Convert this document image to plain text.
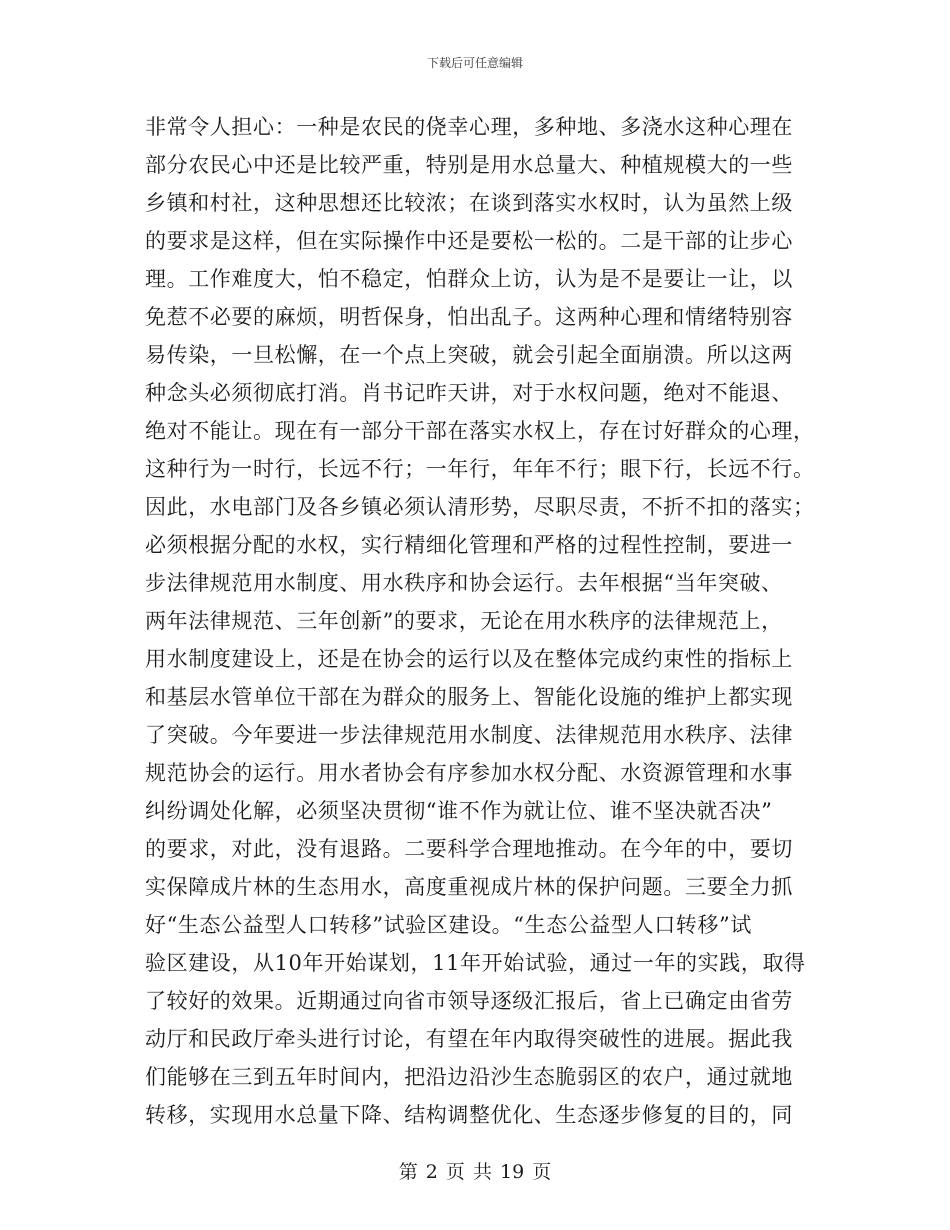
下载后可任意编辑
非常令人担心：一种是农民的侥幸心理，多种地、多浇水这种心理在
部分农民心中还是比较严重，特别是用水总量大、种植规模大的一些
乡镇和村社，这种思想还比较浓；在谈到落实水权时，认为虽然上级
的要求是这样，但在实际操作中还是要松一松的。二是干部的让步心
理。工作难度大，怕不稳定，怕群众上访，认为是不是要让一让，以
免惹不必要的麻烦，明哲保身，怕出乱子。这两种心理和情绪特别容
易传染，一旦松懈，在一个点上突破，就会引起全面崩溃。所以这两
种念头必须彻底打消。肖书记昨天讲，对于水权问题，绝对不能退、
绝对不能让。现在有一部分干部在落实水权上，存在讨好群众的心理，
这种行为一时行，长远不行；一年行，年年不行；眼下行，长远不行。
因此，水电部门及各乡镇必须认清形势，尽职尽责，不折不扣的落实；
必须根据分配的水权，实行精细化管理和严格的过程性控制，要进一
步法律规范用水制度、用水秩序和协会运行。去年根据“当年突破、
两年法律规范、三年创新”的要求，无论在用水秩序的法律规范上，
用水制度建设上，还是在协会的运行以及在整体完成约束性的指标上
和基层水管单位干部在为群众的服务上、智能化设施的维护上都实现
了突破。今年要进一步法律规范用水制度、法律规范用水秩序、法律
规范协会的运行。用水者协会有序参加水权分配、水资源管理和水事
纠纷调处化解，必须坚决贯彻“谁不作为就让位、谁不坚决就否决”
的要求，对此，没有退路。二要科学合理地推动。在今年的中，要切
实保障成片林的生态用水，高度重视成片林的保护问题。三要全力抓
好“生态公益型人口转移”试验区建设。“生态公益型人口转移”试
验区建设，从10年开始谋划，11年开始试验，通过一年的实践，取得
了较好的效果。近期通过向省市领导逐级汇报后，省上已确定由省劳
动厅和民政厅牵头进行讨论，有望在年内取得突破性的进展。据此我
们能够在三到五年时间内，把沿边沿沙生态脆弱区的农户，通过就地
转移，实现用水总量下降、结构调整优化、生态逐步修复的目的，同
第 2 页 共 19 页
